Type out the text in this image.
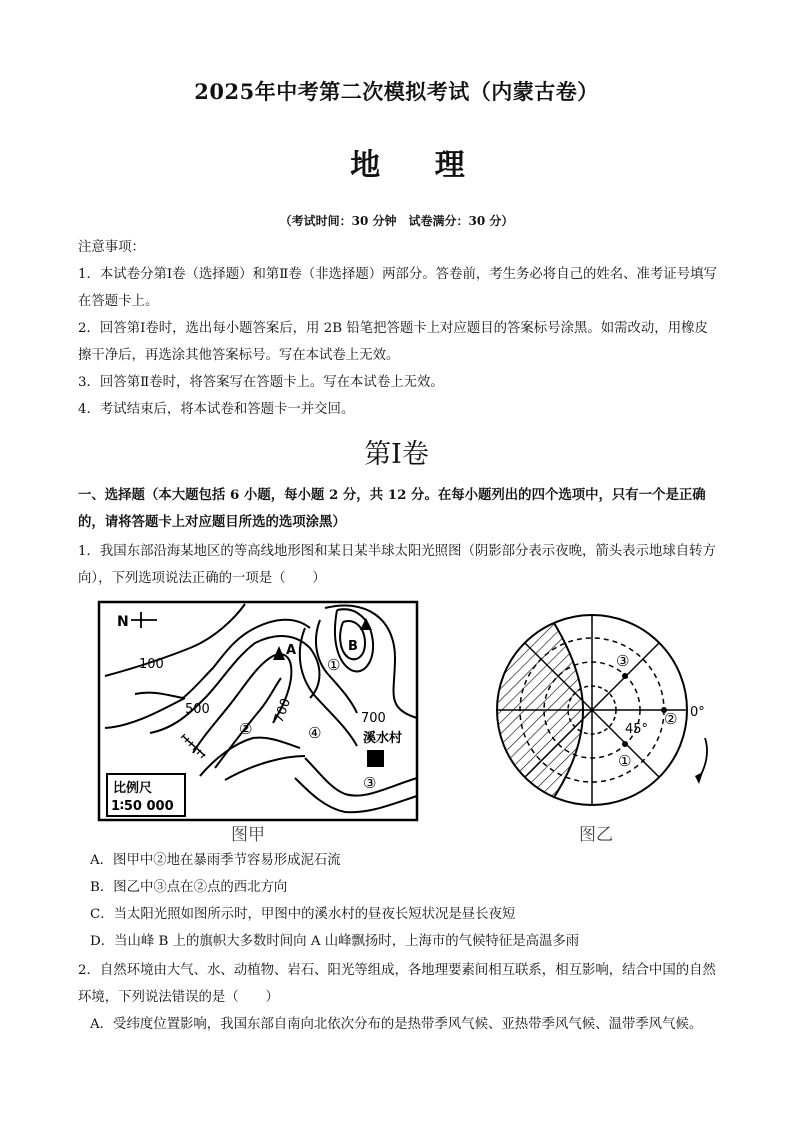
2025年中考第二次模拟考试（内蒙古卷）
地 理
（考试时间：30 分钟　试卷满分：30 分）
注意事项：
1．本试卷分第Ⅰ卷（选择题）和第Ⅱ卷（非选择题）两部分。答卷前，考生务必将自己的姓名、准考证号填写在答题卡上。
2．回答第Ⅰ卷时，选出每小题答案后，用 2B 铅笔把答题卡上对应题目的答案标号涂黑。如需改动，用橡皮擦干净后，再选涂其他答案标号。写在本试卷上无效。
3．回答第Ⅱ卷时，将答案写在答题卡上。写在本试卷上无效。
4．考试结束后，将本试卷和答题卡一并交回。
第Ⅰ卷
一、选择题（本大题包括 6 小题，每小题 2 分，共 12 分。在每小题列出的四个选项中，只有一个是正确的，请将答题卡上对应题目所选的选项涂黑）
1．我国东部沿海某地区的等高线地形图和某日某半球太阳光照图（阴影部分表示夜晚，箭头表示地球自转方向），下列选项说法正确的一项是（　　）
N
100
500	700	700
A	B
①
②
③
④	溪水村
比例尺
1∶50 000
图甲
③
②
①
45°
0°
图乙
A．图甲中②地在暴雨季节容易形成泥石流
B．图乙中③点在②点的西北方向
C．当太阳光照如图所示时，甲图中的溪水村的昼夜长短状况是昼长夜短
D．当山峰 B 上的旗帜大多数时间向 A 山峰飘扬时，上海市的气候特征是高温多雨
2．自然环境由大气、水、动植物、岩石、阳光等组成，各地理要素间相互联系，相互影响，结合中国的自然环境，下列说法错误的是（　　）
A．受纬度位置影响，我国东部自南向北依次分布的是热带季风气候、亚热带季风气候、温带季风气候。
